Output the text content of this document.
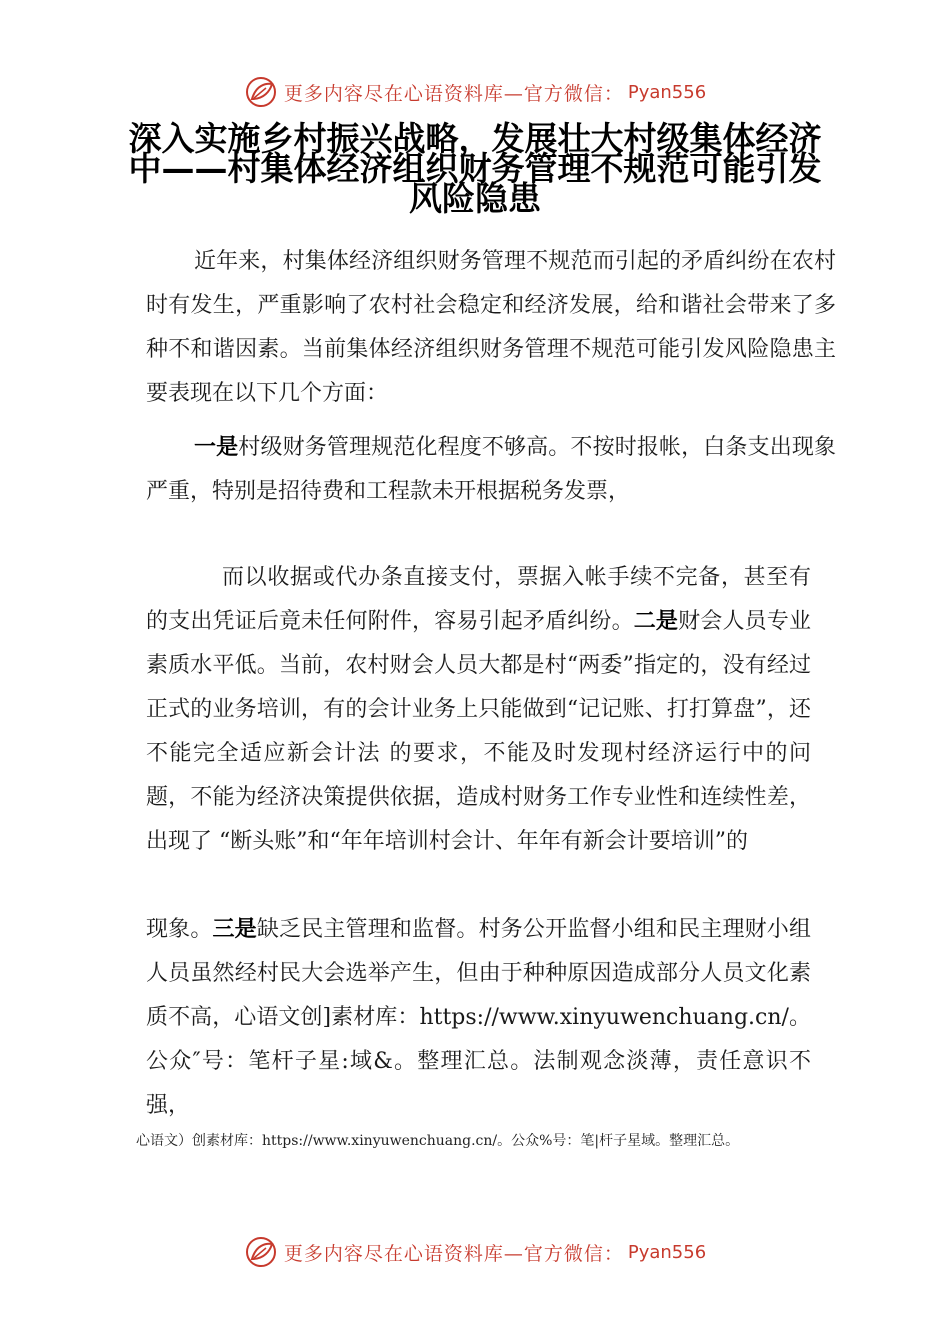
更多内容尽在心语资料库—官方微信： Pyan556
深入实施乡村振兴战略，发展壮大村级集体经济中——村集体经济组织财务管理不规范可能引发风险隐患
近年来，村集体经济组织财务管理不规范而引起的矛盾纠纷在农村时有发生，严重影响了农村社会稳定和经济发展，给和谐社会带来了多种不和谐因素。当前集体经济组织财务管理不规范可能引发风险隐患主要表现在以下几个方面：
一是村级财务管理规范化程度不够高。不按时报帐，白条支出现象严重，特别是招待费和工程款未开根据税务发票，
而以收据或代办条直接支付，票据入帐手续不完备，甚至有的支出凭证后竟未任何附件，容易引起矛盾纠纷。二是财会人员专业素质水平低。当前，农村财会人员大都是村“两委”指定的，没有经过正式的业务培训，有的会计业务上只能做到“记记账、打打算盘”，还不能完全适应新会计法 的要求，不能及时发现村经济运行中的问题，不能为经济决策提供依据，造成村财务工作专业性和连续性差，出现了 “断头账”和“年年培训村会计、年年有新会计要培训”的
现象。三是缺乏民主管理和监督。村务公开监督小组和民主理财小组人员虽然经村民大会选举产生，但由于种种原因造成部分人员文化素质不高，心语文创]素材库：https://www.xinyuwenchuang.cn/。公众″号：笔杆子星:域&。整理汇总。法制观念淡薄，责任意识不强，
心语文）创素材库：https://www.xinyuwenchuang.cn/。公众%号：笔|杆子星域。整理汇总。
更多内容尽在心语资料库—官方微信： Pyan556
